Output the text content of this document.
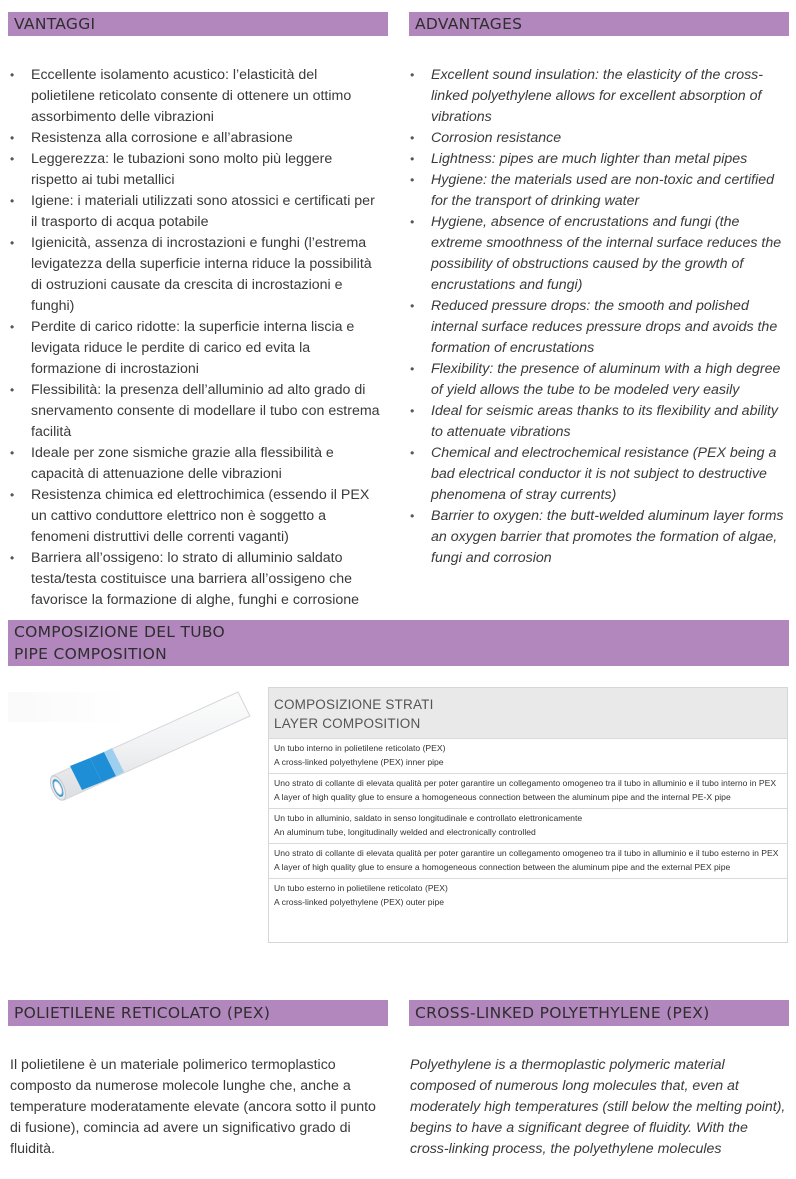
VANTAGGI	ADVANTAGES
• Eccellente isolamento acustico: l’elasticità del polietilene reticolato consente di ottenere un ottimo assorbimento delle vibrazioni
• Resistenza alla corrosione e all’abrasione
• Leggerezza: le tubazioni sono molto più leggere rispetto ai tubi metallici
• Igiene: i materiali utilizzati sono atossici e certificati per il trasporto di acqua potabile
• Igienicità, assenza di incrostazioni e funghi (l’estrema levigatezza della superficie interna riduce la possibilità di ostruzioni causate da crescita di incrostazioni e funghi)
• Perdite di carico ridotte: la superficie interna liscia e levigata riduce le perdite di carico ed evita la formazione di incrostazioni
• Flessibilità: la presenza dell’alluminio ad alto grado di snervamento consente di modellare il tubo con estrema facilità
• Ideale per zone sismiche grazie alla flessibilità e capacità di attenuazione delle vibrazioni
• Resistenza chimica ed elettrochimica (essendo il PEX un cattivo conduttore elettrico non è soggetto a fenomeni distruttivi delle correnti vaganti)
• Barriera all’ossigeno: lo strato di alluminio saldato testa/testa costituisce una barriera all’ossigeno che favorisce la formazione di alghe, funghi e corrosione
• Excellent sound insulation: the elasticity of the cross-linked polyethylene allows for excellent absorption of vibrations
• Corrosion resistance
• Lightness: pipes are much lighter than metal pipes
• Hygiene: the materials used are non-toxic and certified for the transport of drinking water
• Hygiene, absence of encrustations and fungi (the extreme smoothness of the internal surface reduces the possibility of obstructions caused by the growth of encrustations and fungi)
• Reduced pressure drops: the smooth and polished internal surface reduces pressure drops and avoids the formation of encrustations
• Flexibility: the presence of aluminum with a high degree of yield allows the tube to be modeled very easily
• Ideal for seismic areas thanks to its flexibility and ability to attenuate vibrations
• Chemical and electrochemical resistance (PEX being a bad electrical conductor it is not subject to destructive phenomena of stray currents)
• Barrier to oxygen: the butt-welded aluminum layer forms an oxygen barrier that promotes the formation of algae, fungi and corrosion
COMPOSIZIONE DEL TUBO
PIPE COMPOSITION
COMPOSIZIONE STRATI
LAYER COMPOSITION
Un tubo interno in polietilene reticolato (PEX)
A cross-linked polyethylene (PEX) inner pipe
Uno strato di collante di elevata qualità per poter garantire un collegamento omogeneo tra il tubo in alluminio e il tubo interno in PEX
A layer of high quality glue to ensure a homogeneous connection between the aluminum pipe and the internal PE-X pipe
Un tubo in alluminio, saldato in senso longitudinale e controllato elettronicamente
An aluminum tube, longitudinally welded and electronically controlled
Uno strato di collante di elevata qualità per poter garantire un collegamento omogeneo tra il tubo in alluminio e il tubo esterno in PEX
A layer of high quality glue to ensure a homogeneous connection between the aluminum pipe and the external PEX pipe
Un tubo esterno in polietilene reticolato (PEX)
A cross-linked polyethylene (PEX) outer pipe
POLIETILENE RETICOLATO (PEX)	CROSS-LINKED POLYETHYLENE (PEX)

Il polietilene è un materiale polimerico termoplastico composto da numerose molecole lunghe che, anche a temperature moderatamente elevate (ancora sotto il punto di fusione), comincia ad avere un significativo grado di fluidità.

Polyethylene is a thermoplastic polymeric material composed of numerous long molecules that, even at moderately high temperatures (still below the melting point), begins to have a significant degree of fluidity. With the cross-linking process, the polyethylene molecules
